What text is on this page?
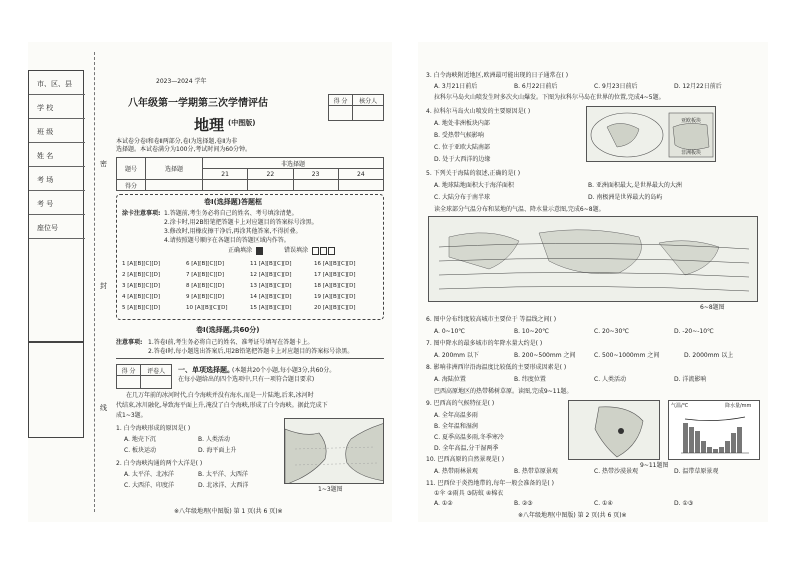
市、区、县
学 校
班 级
姓 名
考 场
考 号
座位号
密
封
线
2023—2024 学年
八年级第一学期第三次学情评估	得 分	核分人

地理 (中图版)
本试卷分卷Ⅰ和卷Ⅱ两部分,卷Ⅰ为选择题,卷Ⅱ为非
选择题。本试卷满分为100分,考试时间为60分钟。
题号	选择题	非选择题			
		21	22	23	24
得分					
卷Ⅰ(选择题)答题框
涂卡注意事项: 1.答题前,考生务必将自己的姓名、考号填涂清楚。
2.涂卡时,用2B铅笔把答题卡上对应题目的答案标号涂黑。
3.修改时,用橡皮擦干净后,再涂其他答案,不得折叠。
4.请按照题号顺序在各题目的答题区域内作答。
正确填涂	错误填涂
1 [A][B][C][D]	6 [A][B][C][D]	11 [A][B][C][D]	16 [A][B][C][D]
2 [A][B][C][D]	7 [A][B][C][D]	12 [A][B][C][D]	17 [A][B][C][D]
3 [A][B][C][D]	8 [A][B][C][D]	13 [A][B][C][D]	18 [A][B][C][D]
4 [A][B][C][D]	9 [A][B][C][D]	14 [A][B][C][D]	19 [A][B][C][D]
5 [A][B][C][D]	10 [A][B][C][D]	15 [A][B][C][D]	20 [A][B][C][D]
卷Ⅰ(选择题,共60分)
注意事项: 1.答卷Ⅰ前,考生务必将自己的姓名、准考证号填写在答题卡上。
2.答卷Ⅰ时,每小题选出答案后,用2B铅笔把答题卡上对应题目的答案标号涂黑。
得 分	评卷人
	一、单项选择题。
(本题共20个小题,每小题3分,共60分。
在每小题给出的四个选项中,只有一项符合题目要求)
在几万年前的冰河时代,白令海峡并没有海水,而是一片陆地,后来,冰河时
代结束,冰川融化,导致海平面上升,淹没了白令海峡,形成了白令海峡。据此完成下
成1~3题。
1. 白令海峡形成的原因是( )
A. 地壳下沉	B. 人类活动
C. 板块运动	D. 海平面上升
2. 白令海峡沟通的两个大洋是( )
A. 太平洋、北冰洋	B. 太平洋、大西洋
C. 大西洋、印度洋	D. 北冰洋、大西洋
1~3题图
※八年级地理(中图版) 第 1 页(共 6 页)※
3. 白令海峡附近地区,欧洲最可能出现的日子通常在( )
A. 3月21日前后	B. 6月22日前后	C. 9月23日前后	D. 12月22日前后
拉科尔马岛火山喷发生时多次火山爆发。下图为拉科尔马岛在世界的位置,完成4~5题。
4. 拉科尔马岛火山喷发的主要原因是( )
A. 地处非洲板块内部
B. 受热带气候影响
C. 位于亚欧大陆南部
D. 处于大西洋的边缘
亚欧板块
非洲板块
5. 下列关于海陆的叙述,正确的是( )
A. 地球陆地面积大于海洋面积	B. 亚洲面积最大,是世界最大的大洲
C. 大陆分布于南半球	D. 南极洲是世界最大的岛屿
读全球部分气温分布和某地的气温、降水量示意图,完成6~8题。
6~8题图
6. 图中分布纬度较高城市主要位于 等温线之间( )
A. 0~10℃	B. 10~20℃	C. 20~30℃	D. -20~-10℃
7. 图中降水的最多城市的年降水量大约是( )
A. 200mm 以下	B. 200~500mm 之间	C. 500~1000mm 之间	D. 2000mm 以上
8. 影响非洲西岸沿海温度比较低的主要形成因素是( )
A. 海陆位置	B. 纬度位置	C. 人类活动	D. 洋流影响
巴西高原地区的热带稀树草原。读图,完成9~11题。
9. 巴西高的气候特征是( )
A. 全年高温多雨
B. 全年温和湿润
C. 夏季高温多雨,冬季寒冷
D. 全年高温,分干湿两季
气温/℃	降水量/mm
9~11题图
10. 巴西高原的自然景观是( )
A. 热带雨林景观	B. 热带草原景观	C. 热带沙漠景观	D. 温带草原景观
11. 巴西位于炎热地带的,每年一般会准备的是( )
①伞 ②雨具 ③防蚊 ④棉衣
A. ①②	B. ②③	C. ①④	D. ①③
※八年级地理(中图版) 第 2 页(共 6 页)※
